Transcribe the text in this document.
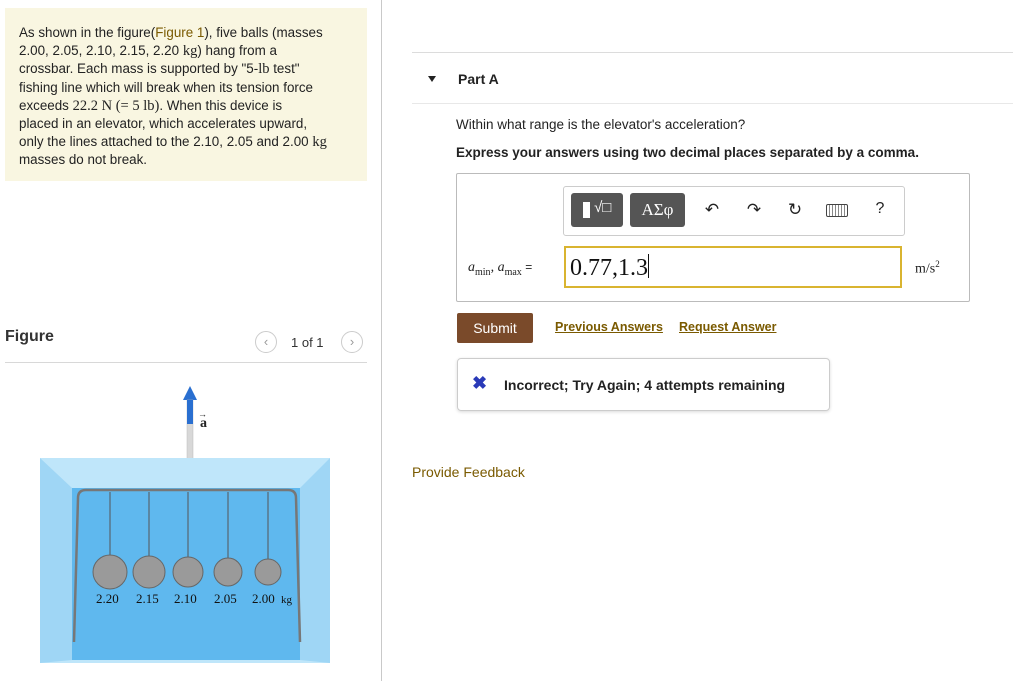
As shown in the figure(Figure 1), five balls (masses
2.00, 2.05, 2.10, 2.15, 2.20 kg) hang from a
crossbar. Each mass is supported by "5-lb test"
fishing line which will break when its tension force
exceeds 22.2 N (= 5 lb). When this device is
placed in an elevator, which accelerates upward,
only the lines attached to the 2.10, 2.05 and 2.00 kg
masses do not break.
Figure	‹	1 of 1	›
a
→
2.20 2.15 2.10 2.05 2.00 kg
Part A
Within what range is the elevator's acceleration?
Express your answers using two decimal places separated by a comma.
√□	AΣφ	↶ ↷ ↻	?
$a_{min}$, $a_{max} = 0.77,1.3$	$m/s^2$
Submit	Previous Answers Request Answer
✖ Incorrect; Try Again; 4 attempts remaining
Provide Feedback
